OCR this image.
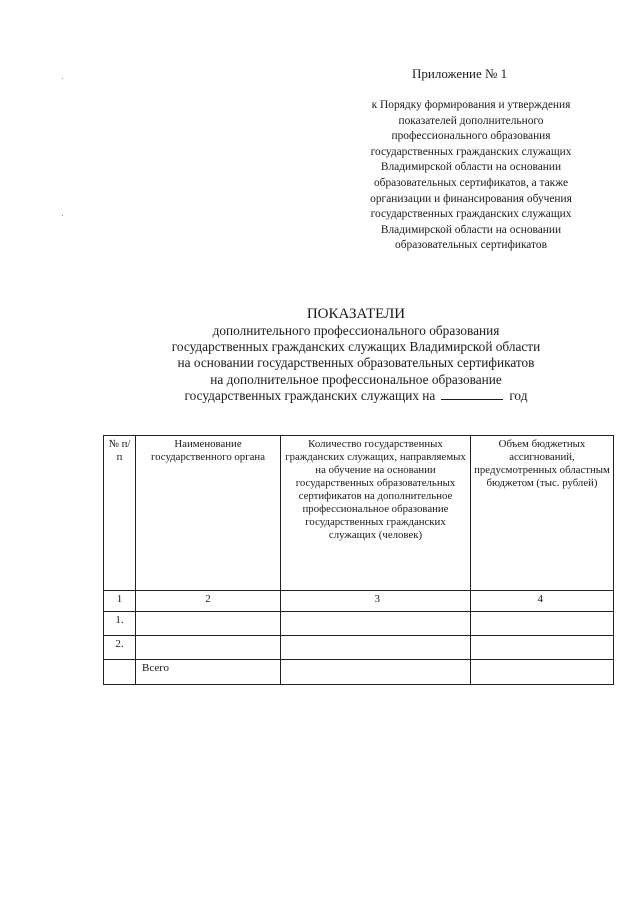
Приложение № 1
к Порядку формирования и утверждения
показателей дополнительного
профессионального образования
государственных гражданских служащих
Владимирской области на основании
образовательных сертификатов, а также
организации и финансирования обучения
государственных гражданских служащих
Владимирской области на основании
образовательных сертификатов
ПОКАЗАТЕЛИ
дополнительного профессионального образования
государственных гражданских служащих Владимирской области
на основании государственных образовательных сертификатов
на дополнительное профессиональное образование
государственных гражданских служащих на	год
№ п/п	Наименование государственного органа	Количество государственных гражданских служащих, направляемых на обучение на основании государственных образовательных сертификатов на дополнительное профессиональное образование государственных гражданских служащих (человек)	Объем бюджетных ассигнований, предусмотренных областным бюджетом (тыс. рублей)
1	2	3	4
1.			
2.			
	Всего		
